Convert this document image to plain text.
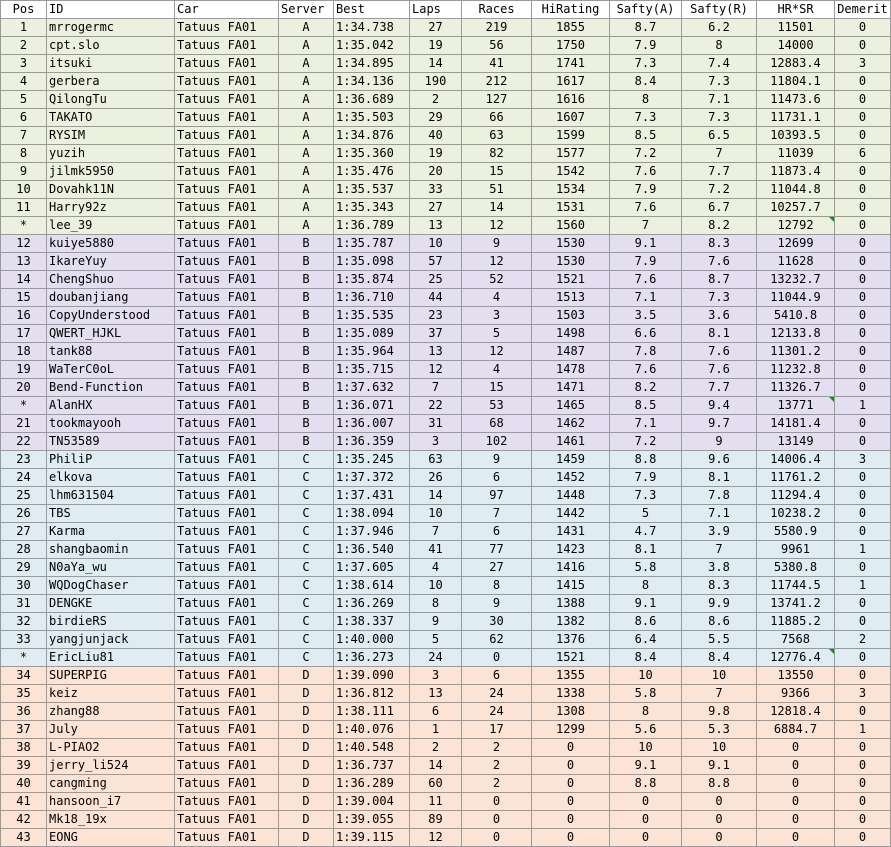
Pos	ID	Car	Server	Best	Laps	Races	HiRating	Safty(A)	Safty(R)	HR*SR	Demerit
1	mrrogermc	Tatuus FA01	A	1:34.738	27	219	1855	8.7	6.2	11501	0
2	cpt.slo	Tatuus FA01	A	1:35.042	19	56	1750	7.9	8	14000	0
3	itsuki	Tatuus FA01	A	1:34.895	14	41	1741	7.3	7.4	12883.4	3
4	gerbera	Tatuus FA01	A	1:34.136	190	212	1617	8.4	7.3	11804.1	0
5	QilongTu	Tatuus FA01	A	1:36.689	2	127	1616	8	7.1	11473.6	0
6	TAKATO	Tatuus FA01	A	1:35.503	29	66	1607	7.3	7.3	11731.1	0
7	RYSIM	Tatuus FA01	A	1:34.876	40	63	1599	8.5	6.5	10393.5	0
8	yuzih	Tatuus FA01	A	1:35.360	19	82	1577	7.2	7	11039	6
9	jilmk5950	Tatuus FA01	A	1:35.476	20	15	1542	7.6	7.7	11873.4	0
10	Dovahk11N	Tatuus FA01	A	1:35.537	33	51	1534	7.9	7.2	11044.8	0
11	Harry92z	Tatuus FA01	A	1:35.343	27	14	1531	7.6	6.7	10257.7	0
*	lee_39	Tatuus FA01	A	1:36.789	13	12	1560	7	8.2	12792	0
12	kuiye5880	Tatuus FA01	B	1:35.787	10	9	1530	9.1	8.3	12699	0
13	IkareYuy	Tatuus FA01	B	1:35.098	57	12	1530	7.9	7.6	11628	0
14	ChengShuo	Tatuus FA01	B	1:35.874	25	52	1521	7.6	8.7	13232.7	0
15	doubanjiang	Tatuus FA01	B	1:36.710	44	4	1513	7.1	7.3	11044.9	0
16	CopyUnderstood	Tatuus FA01	B	1:35.535	23	3	1503	3.5	3.6	5410.8	0
17	QWERT_HJKL	Tatuus FA01	B	1:35.089	37	5	1498	6.6	8.1	12133.8	0
18	tank88	Tatuus FA01	B	1:35.964	13	12	1487	7.8	7.6	11301.2	0
19	WaTerC0oL	Tatuus FA01	B	1:35.715	12	4	1478	7.6	7.6	11232.8	0
20	Bend-Function	Tatuus FA01	B	1:37.632	7	15	1471	8.2	7.7	11326.7	0
*	AlanHX	Tatuus FA01	B	1:36.071	22	53	1465	8.5	9.4	13771	1
21	tookmayooh	Tatuus FA01	B	1:36.007	31	68	1462	7.1	9.7	14181.4	0
22	TN53589	Tatuus FA01	B	1:36.359	3	102	1461	7.2	9	13149	0
23	PhiliP	Tatuus FA01	C	1:35.245	63	9	1459	8.8	9.6	14006.4	3
24	elkova	Tatuus FA01	C	1:37.372	26	6	1452	7.9	8.1	11761.2	0
25	lhm631504	Tatuus FA01	C	1:37.431	14	97	1448	7.3	7.8	11294.4	0
26	TBS	Tatuus FA01	C	1:38.094	10	7	1442	5	7.1	10238.2	0
27	Karma	Tatuus FA01	C	1:37.946	7	6	1431	4.7	3.9	5580.9	0
28	shangbaomin	Tatuus FA01	C	1:36.540	41	77	1423	8.1	7	9961	1
29	N0aYa_wu	Tatuus FA01	C	1:37.605	4	27	1416	5.8	3.8	5380.8	0
30	WQDogChaser	Tatuus FA01	C	1:38.614	10	8	1415	8	8.3	11744.5	1
31	DENGKE	Tatuus FA01	C	1:36.269	8	9	1388	9.1	9.9	13741.2	0
32	birdieRS	Tatuus FA01	C	1:38.337	9	30	1382	8.6	8.6	11885.2	0
33	yangjunjack	Tatuus FA01	C	1:40.000	5	62	1376	6.4	5.5	7568	2
*	EricLiu81	Tatuus FA01	C	1:36.273	24	0	1521	8.4	8.4	12776.4	0
34	SUPERPIG	Tatuus FA01	D	1:39.090	3	6	1355	10	10	13550	0
35	keiz	Tatuus FA01	D	1:36.812	13	24	1338	5.8	7	9366	3
36	zhang88	Tatuus FA01	D	1:38.111	6	24	1308	8	9.8	12818.4	0
37	July	Tatuus FA01	D	1:40.076	1	17	1299	5.6	5.3	6884.7	1
38	L-PIAO2	Tatuus FA01	D	1:40.548	2	2	0	10	10	0	0
39	jerry_li524	Tatuus FA01	D	1:36.737	14	2	0	9.1	9.1	0	0
40	cangming	Tatuus FA01	D	1:36.289	60	2	0	8.8	8.8	0	0
41	hansoon_i7	Tatuus FA01	D	1:39.004	11	0	0	0	0	0	0
42	Mk18_19x	Tatuus FA01	D	1:39.055	89	0	0	0	0	0	0
43	EONG	Tatuus FA01	D	1:39.115	12	0	0	0	0	0	0
